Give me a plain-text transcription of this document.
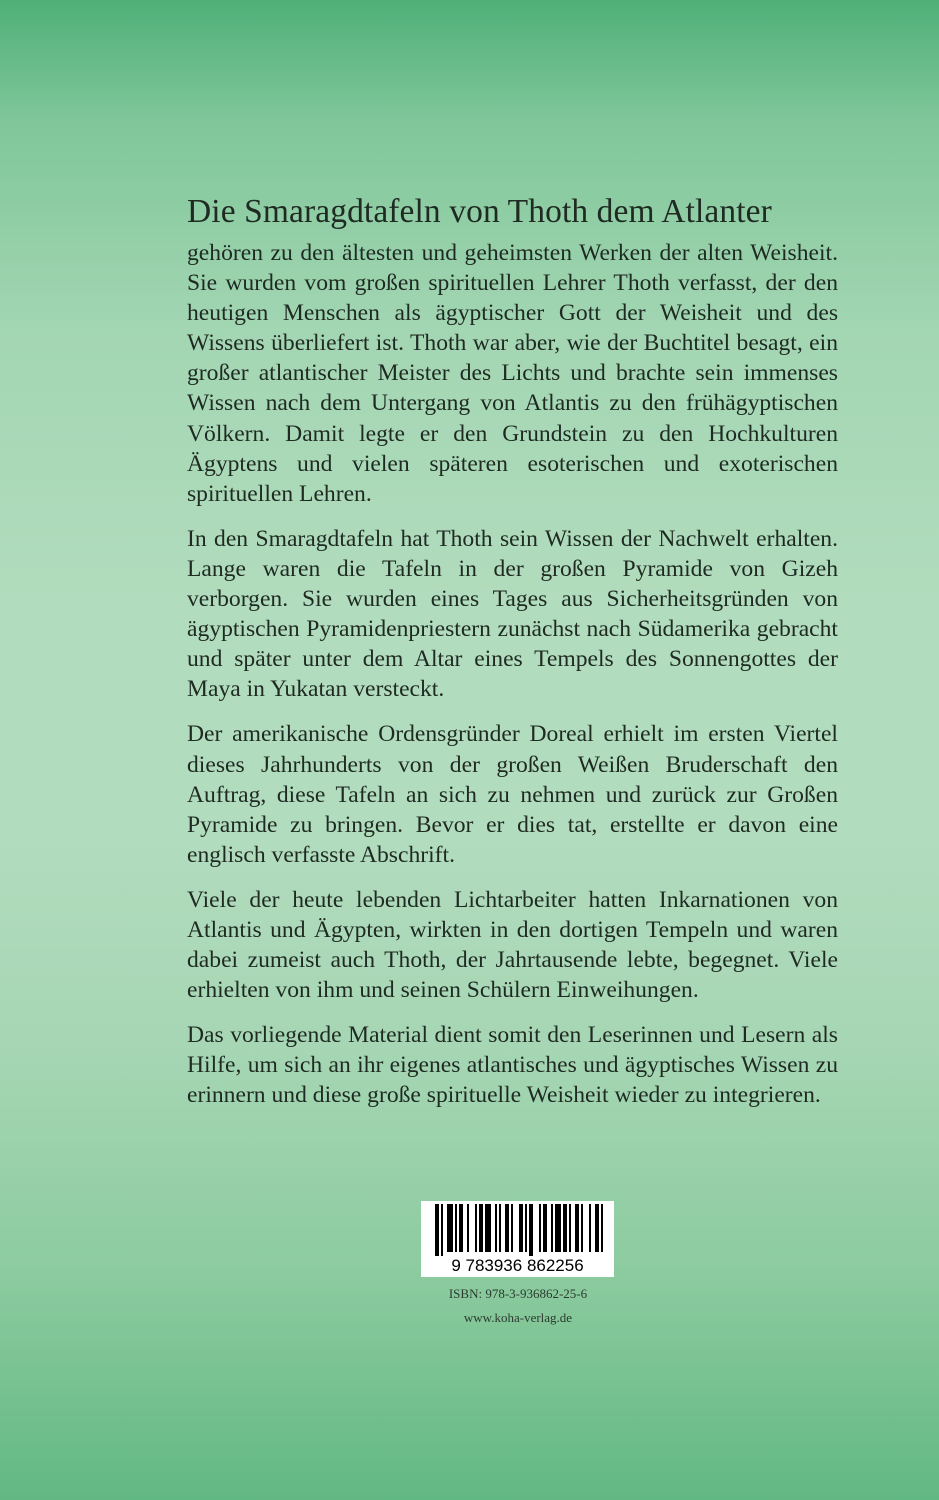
Die Smaragdtafeln von Thoth dem Atlanter

gehören zu den ältesten und geheimsten Werken der alten Weisheit. Sie wurden vom großen spirituellen Lehrer Thoth verfasst, der den heutigen Menschen als ägyptischer Gott der Weisheit und des Wissens überliefert ist. Thoth war aber, wie der Buchtitel besagt, ein großer atlantischer Meister des Lichts und brachte sein immenses Wissen nach dem Untergang von Atlantis zu den frühägyptischen Völkern. Damit legte er den Grundstein zu den Hochkulturen Ägyptens und vielen späteren esoterischen und exoterischen spirituellen Lehren.

In den Smaragdtafeln hat Thoth sein Wissen der Nachwelt erhalten. Lange waren die Tafeln in der großen Pyramide von Gizeh verborgen. Sie wurden eines Tages aus Sicherheitsgründen von ägyptischen Pyramidenpriestern zunächst nach Südamerika gebracht und später unter dem Altar eines Tempels des Sonnengottes der Maya in Yukatan versteckt.

Der amerikanische Ordensgründer Doreal erhielt im ersten Viertel dieses Jahrhunderts von der großen Weißen Bruderschaft den Auftrag, diese Tafeln an sich zu nehmen und zurück zur Großen Pyramide zu bringen. Bevor er dies tat, erstellte er davon eine englisch verfasste Abschrift.

Viele der heute lebenden Lichtarbeiter hatten Inkarnationen von Atlantis und Ägypten, wirkten in den dortigen Tempeln und waren dabei zumeist auch Thoth, der Jahrtausende lebte, begegnet. Viele erhielten von ihm und seinen Schülern Einweihungen.

Das vorliegende Material dient somit den Leserinnen und Lesern als Hilfe, um sich an ihr eigenes atlantisches und ägyptisches Wissen zu erinnern und diese große spirituelle Weisheit wieder zu integrieren.

9 783936 862256
ISBN: 978-3-936862-25-6
www.koha-verlag.de
